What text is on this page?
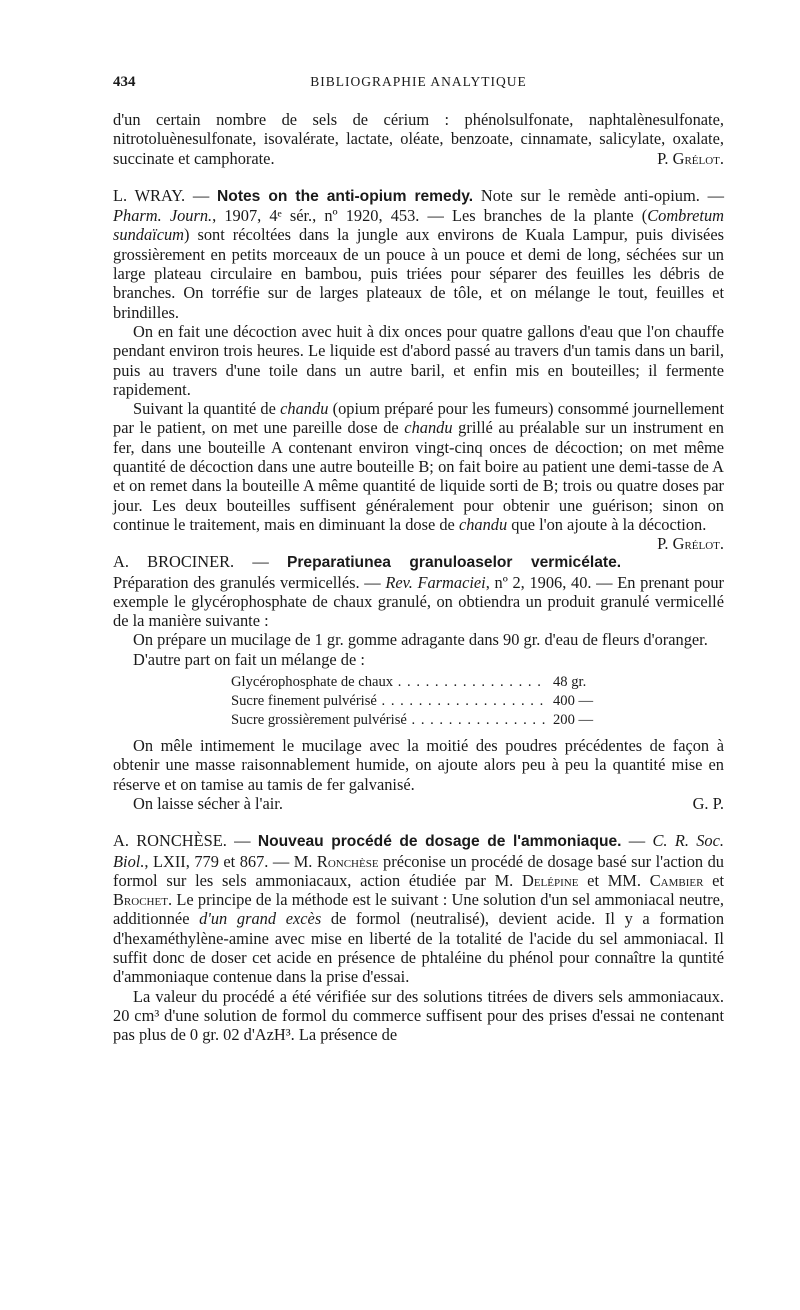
434	BIBLIOGRAPHIE ANALYTIQUE

d'un certain nombre de sels de cérium : phénolsulfonate, naphtalènesulfonate, nitrotoluènesulfonate, isovalérate, lactate, oléate, benzoate, cinnamate, salicylate, oxalate, succinate et camphorate.	P. Grélot.

L. WRAY. — Notes on the anti-opium remedy. Note sur le remède anti-opium. — Pharm. Journ., 1907, 4ᵉ sér., nº 1920, 453. — Les branches de la plante (Combretum sundaïcum) sont récoltées dans la jungle aux environs de Kuala Lampur, puis divisées grossièrement en petits morceaux de un pouce à un pouce et demi de long, séchées sur un large plateau circulaire en bambou, puis triées pour séparer des feuilles les débris de branches. On torréfie sur de larges plateaux de tôle, et on mélange le tout, feuilles et brindilles.

On en fait une décoction avec huit à dix onces pour quatre gallons d'eau que l'on chauffe pendant environ trois heures. Le liquide est d'abord passé au travers d'un tamis dans un baril, puis au travers d'une toile dans un autre baril, et enfin mis en bouteilles; il fermente rapidement.

Suivant la quantité de chandu (opium préparé pour les fumeurs) consommé journellement par le patient, on met une pareille dose de chandu grillé au préalable sur un instrument en fer, dans une bouteille A contenant environ vingt-cinq onces de décoction; on met même quantité de décoction dans une autre bouteille B; on fait boire au patient une demi-tasse de A et on remet dans la bouteille A même quantité de liquide sorti de B; trois ou quatre doses par jour. Les deux bouteilles suffisent généralement pour obtenir une guérison; sinon on continue le traitement, mais en diminuant la dose de chandu que l'on ajoute à la décoction.
P. Grélot.

A. BROCINER. — Preparatiunea granuloaselor vermicélate. Préparation des granulés vermicellés. — Rev. Farmaciei, nº 2, 1906, 40. — En prenant pour exemple le glycérophosphate de chaux granulé, on obtiendra un produit granulé vermicellé de la manière suivante :

On prépare un mucilage de 1 gr. gomme adragante dans 90 gr. d'eau de fleurs d'oranger.

D'autre part on fait un mélange de :

Glycérophosphate de chaux . . .	48 gr.
Sucre finement pulvérisé . . .	400 —
Sucre grossièrement pulvérisé . . .	200 —

On mêle intimement le mucilage avec la moitié des poudres précédentes de façon à obtenir une masse raisonnablement humide, on ajoute alors peu à peu la quantité mise en réserve et on tamise au tamis de fer galvanisé.

On laisse sécher à l'air.	G. P.

A. RONCHÈSE. — Nouveau procédé de dosage de l'ammoniaque. — C. R. Soc. Biol., LXII, 779 et 867. — M. Ronchèse préconise un procédé de dosage basé sur l'action du formol sur les sels ammoniacaux, action étudiée par M. Delépine et MM. Cambier et Brochet. Le principe de la méthode est le suivant : Une solution d'un sel ammoniacal neutre, additionnée d'un grand excès de formol (neutralisé), devient acide. Il y a formation d'hexaméthylène-amine avec mise en liberté de la totalité de l'acide du sel ammoniacal. Il suffit donc de doser cet acide en présence de phtaléine du phénol pour connaître la quntité d'ammoniaque contenue dans la prise d'essai.

La valeur du procédé a été vérifiée sur des solutions titrées de divers sels ammoniacaux. 20 cm³ d'une solution de formol du commerce suffisent pour des prises d'essai ne contenant pas plus de 0 gr. 02 d'AzH³. La présence de
